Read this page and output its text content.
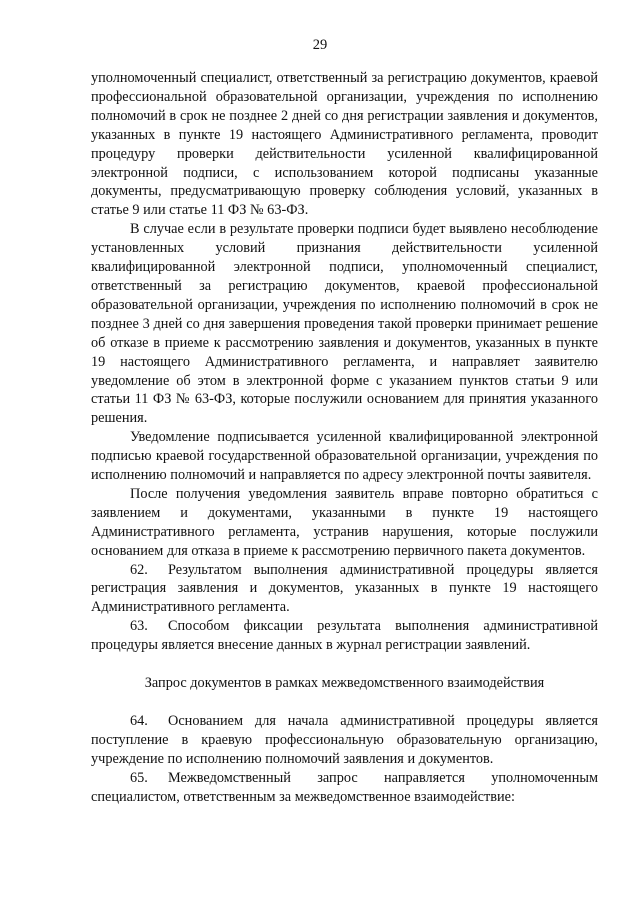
29

уполномоченный специалист, ответственный за регистрацию документов, краевой профессиональной образовательной организации, учреждения по исполнению полномочий в срок не позднее 2 дней со дня регистрации заявления и документов, указанных в пункте 19 настоящего Административного регламента, проводит процедуру проверки действительности усиленной квалифицированной электронной подписи, с использованием которой подписаны указанные документы, предусматривающую проверку соблюдения условий, указанных в статье 9 или статье 11 ФЗ № 63-ФЗ.

В случае если в результате проверки подписи будет выявлено несоблюдение установленных условий признания действительности усиленной квалифицированной электронной подписи, уполномоченный специалист, ответственный за регистрацию документов, краевой профессиональной образовательной организации, учреждения по исполнению полномочий в срок не позднее 3 дней со дня завершения проведения такой проверки принимает решение об отказе в приеме к рассмотрению заявления и документов, указанных в пункте 19 настоящего Административного регламента, и направляет заявителю уведомление об этом в электронной форме с указанием пунктов статьи 9 или статьи 11 ФЗ № 63-ФЗ, которые послужили основанием для принятия указанного решения.

Уведомление подписывается усиленной квалифицированной электронной подписью краевой государственной образовательной организации, учреждения по исполнению полномочий и направляется по адресу электронной почты заявителя.

После получения уведомления заявитель вправе повторно обратиться с заявлением и документами, указанными в пункте 19 настоящего Административного регламента, устранив нарушения, которые послужили основанием для отказа в приеме к рассмотрению первичного пакета документов.

62. Результатом выполнения административной процедуры является регистрация заявления и документов, указанных в пункте 19 настоящего Административного регламента.

63. Способом фиксации результата выполнения административной процедуры является внесение данных в журнал регистрации заявлений.

Запрос документов в рамках межведомственного взаимодействия

64. Основанием для начала административной процедуры является поступление в краевую профессиональную образовательную организацию, учреждение по исполнению полномочий заявления и документов.

65. Межведомственный запрос направляется уполномоченным специалистом, ответственным за межведомственное взаимодействие:
